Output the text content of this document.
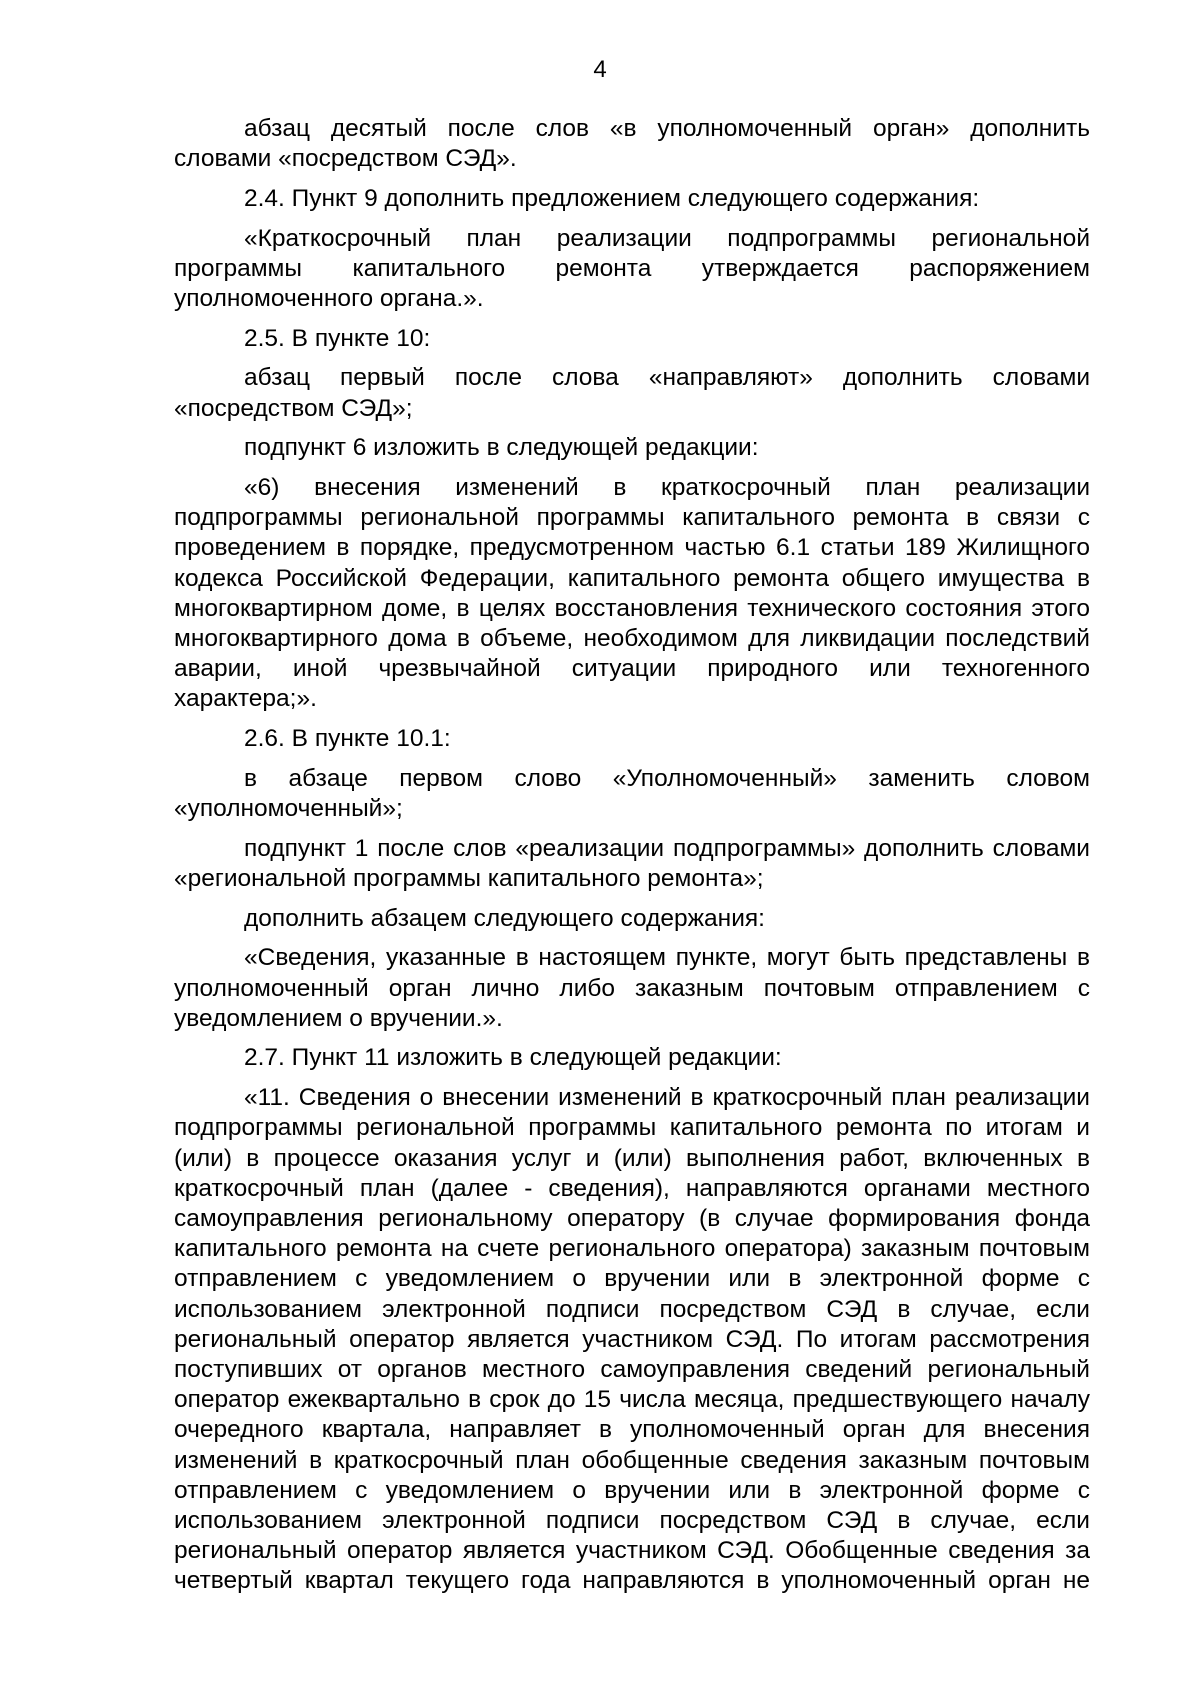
4

абзац десятый после слов «в уполномоченный орган» дополнить словами «посредством СЭД».

2.4. Пункт 9 дополнить предложением следующего содержания:

«Краткосрочный план реализации подпрограммы региональной программы капитального ремонта утверждается распоряжением уполномоченного органа.».

2.5. В пункте 10:

абзац первый после слова «направляют» дополнить словами «посредством СЭД»;

подпункт 6 изложить в следующей редакции:

«6) внесения изменений в краткосрочный план реализации подпрограммы региональной программы капитального ремонта в связи с проведением в порядке, предусмотренном частью 6.1 статьи 189 Жилищного кодекса Российской Федерации, капитального ремонта общего имущества в многоквартирном доме, в целях восстановления технического состояния этого многоквартирного дома в объеме, необходимом для ликвидации последствий аварии, иной чрезвычайной ситуации природного или техногенного характера;».

2.6. В пункте 10.1:

в абзаце первом слово «Уполномоченный» заменить словом «уполномоченный»;

подпункт 1 после слов «реализации подпрограммы» дополнить словами «региональной программы капитального ремонта»;

дополнить абзацем следующего содержания:

«Сведения, указанные в настоящем пункте, могут быть представлены в уполномоченный орган лично либо заказным почтовым отправлением с уведомлением о вручении.».

2.7. Пункт 11 изложить в следующей редакции:

«11. Сведения о внесении изменений в краткосрочный план реализации подпрограммы региональной программы капитального ремонта по итогам и (или) в процессе оказания услуг и (или) выполнения работ, включенных в краткосрочный план (далее - сведения), направляются органами местного самоуправления региональному оператору (в случае формирования фонда капитального ремонта на счете регионального оператора) заказным почтовым отправлением с уведомлением о вручении или в электронной форме с использованием электронной подписи посредством СЭД в случае, если региональный оператор является участником СЭД. По итогам рассмотрения поступивших от органов местного самоуправления сведений региональный оператор ежеквартально в срок до 15 числа месяца, предшествующего началу очередного квартала, направляет в уполномоченный орган для внесения изменений в краткосрочный план обобщенные сведения заказным почтовым отправлением с уведомлением о вручении или в электронной форме с использованием электронной подписи посредством СЭД в случае, если региональный оператор является участником СЭД. Обобщенные сведения за четвертый квартал текущего года направляются в уполномоченный орган не
